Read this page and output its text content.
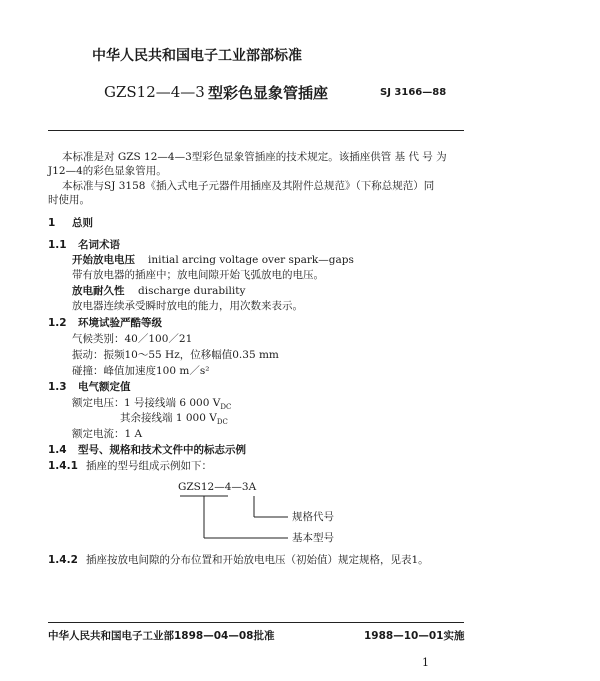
中华人民共和国电子工业部部标准
GZS12—4—3 型彩色显象管插座	SJ 3166—88
本标准是对 GZS 12—4—3型彩色显象管插座的技术规定。该插座供管 基 代 号 为
J12—4的彩色显象管用。
本标准与SJ 3158《插入式电子元器件用插座及其附件总规范》（下称总规范）同
时使用。
1 总则
1.1 名词术语
开始放电电压 initial arcing voltage over spark—gaps
带有放电器的插座中；放电间隙开始飞弧放电的电压。
放电耐久性 discharge durability
放电器连续承受瞬时放电的能力，用次数来表示。
1.2 环境试验严酷等级
气候类别：40／100／21
振动：振频10～55 Hz，位移幅值0.35 mm
碰撞：峰值加速度100 m／s²
1.3 电气额定值
额定电压： 1 号接线端 6 000 $V_{DC}$
其余接线端 1 000 $V_{DC}$
额定电流：1 A
1.4 型号、规格和技术文件中的标志示例
1.4.1 插座的型号组成示例如下：
GZS12—4—3A
规格代号
基本型号
1.4.2 插座按放电间隙的分布位置和开始放电电压（初始值）规定规格，见表1。
中华人民共和国电子工业部1898—04—08批准	1988—10—01实施
1
